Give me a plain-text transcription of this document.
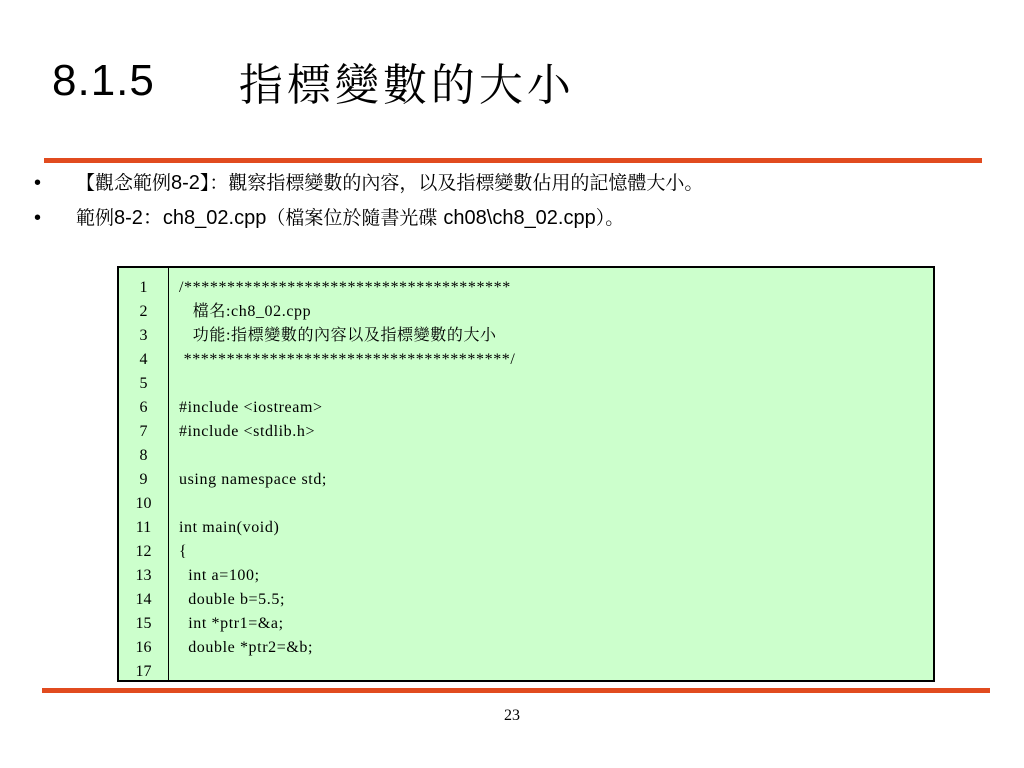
8.1.5 指標變數的大小
• 【觀念範例8-2】：觀察指標變數的內容，以及指標變數佔用的記憶體大小。
• 範例8-2：ch8_02.cpp（檔案位於隨書光碟 ch08\ch8_02.cpp）。
1
2
3
4
5
6
7
8
9
10
11
12
13
14
15
16
17
/**************************************
檔名:ch8_02.cpp
功能:指標變數的內容以及指標變數的大小
**************************************/
#include <iostream>
#include <stdlib.h>
using namespace std;
int main(void)
{
int a=100;
double b=5.5;
int *ptr1=&a;
double *ptr2=&b;
23
